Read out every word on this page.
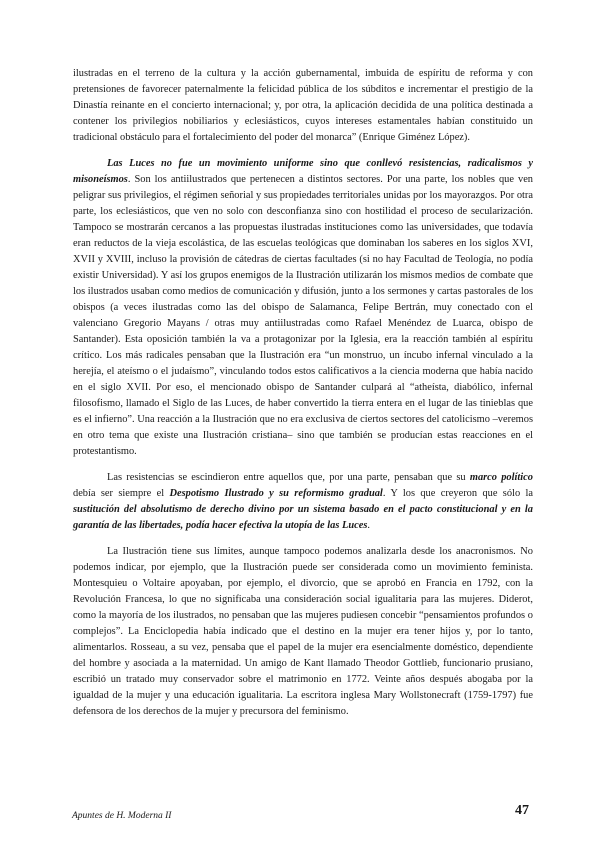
ilustradas en el terreno de la cultura y la acción gubernamental, imbuida de espíritu de reforma y con pretensiones de favorecer paternalmente la felicidad pública de los súbditos e incrementar el prestigio de la Dinastía reinante en el concierto internacional; y, por otra, la aplicación decidida de una política destinada a contener los privilegios nobiliarios y eclesiásticos, cuyos intereses estamentales habían constituido un tradicional obstáculo para el fortalecimiento del poder del monarca” (Enrique Giménez López).

Las Luces no fue un movimiento uniforme sino que conllevó resistencias, radicalismos y misoneísmos. Son los antiilustrados que pertenecen a distintos sectores. Por una parte, los nobles que ven peligrar sus privilegios, el régimen señorial y sus propiedades territoriales unidas por los mayorazgos. Por otra parte, los eclesiásticos, que ven no solo con desconfianza sino con hostilidad el proceso de secularización. Tampoco se mostrarán cercanos a las propuestas ilustradas instituciones como las universidades, que todavía eran reductos de la vieja escolástica, de las escuelas teológicas que dominaban los saberes en los siglos XVI, XVII y XVIII, incluso la provisión de cátedras de ciertas facultades (si no hay Facultad de Teología, no podía existir Universidad). Y así los grupos enemigos de la Ilustración utilizarán los mismos medios de combate que los ilustrados usaban como medios de comunicación y difusión, junto a los sermones y cartas pastorales de los obispos (a veces ilustradas como las del obispo de Salamanca, Felipe Bertrán, muy conectado con el valenciano Gregorio Mayans / otras muy antiilustradas como Rafael Menéndez de Luarca, obispo de Santander). Esta oposición también la va a protagonizar por la Iglesia, era la reacción también al espíritu crítico. Los más radicales pensaban que la Ilustración era “un monstruo, un íncubo infernal vinculado a la herejía, el ateísmo o el judaísmo”, vinculando todos estos calificativos a la ciencia moderna que había nacido en el siglo XVII. Por eso, el mencionado obispo de Santander culpará al “atheísta, diabólico, infernal filosofismo, llamado el Siglo de las Luces, de haber convertido la tierra entera en el lugar de las tinieblas que es el infierno”. Una reacción a la Ilustración que no era exclusiva de ciertos sectores del catolicismo –veremos en otro tema que existe una Ilustración cristiana– sino que también se producían estas reacciones en el protestantismo.

Las resistencias se escindieron entre aquellos que, por una parte, pensaban que su marco político debía ser siempre el Despotismo Ilustrado y su reformismo gradual. Y los que creyeron que sólo la sustitución del absolutismo de derecho divino por un sistema basado en el pacto constitucional y en la garantía de las libertades, podía hacer efectiva la utopía de las Luces.

La Ilustración tiene sus límites, aunque tampoco podemos analizarla desde los anacronismos. No podemos indicar, por ejemplo, que la Ilustración puede ser considerada como un movimiento feminista. Montesquieu o Voltaire apoyaban, por ejemplo, el divorcio, que se aprobó en Francia en 1792, con la Revolución Francesa, lo que no significaba una consideración social igualitaria para las mujeres. Diderot, como la mayoría de los ilustrados, no pensaban que las mujeres pudiesen concebir “pensamientos profundos o complejos”. La Enciclopedia había indicado que el destino en la mujer era tener hijos y, por lo tanto, alimentarlos. Rosseau, a su vez, pensaba que el papel de la mujer era esencialmente doméstico, dependiente del hombre y asociada a la maternidad. Un amigo de Kant llamado Theodor Gottlieb, funcionario prusiano, escribió un tratado muy conservador sobre el matrimonio en 1772. Veinte años después abogaba por la igualdad de la mujer y una educación igualitaria. La escritora inglesa Mary Wollstonecraft (1759-1797) fue defensora de los derechos de la mujer y precursora del feminismo.

Apuntes de H. Moderna II	47
